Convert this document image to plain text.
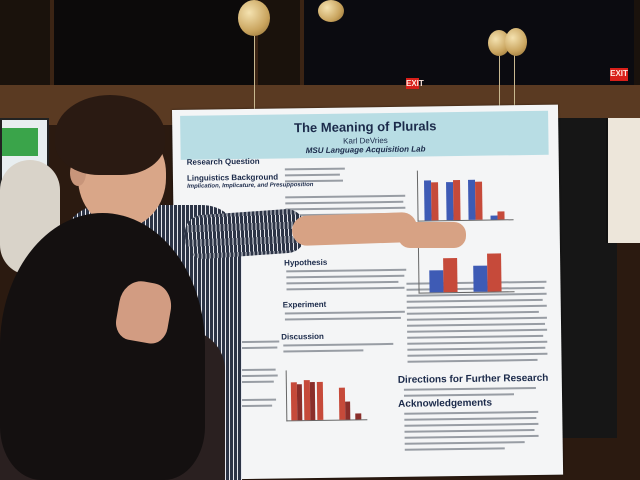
EXIT
EXIT
The Meaning of Plurals
Karl DeVries
MSU Language Acquisition Lab
Research Question
Linguistics Background
Implication, Implicature, and Presupposition
Hypothesis
Experiment
Discussion
Directions for Further Research
Acknowledgements
